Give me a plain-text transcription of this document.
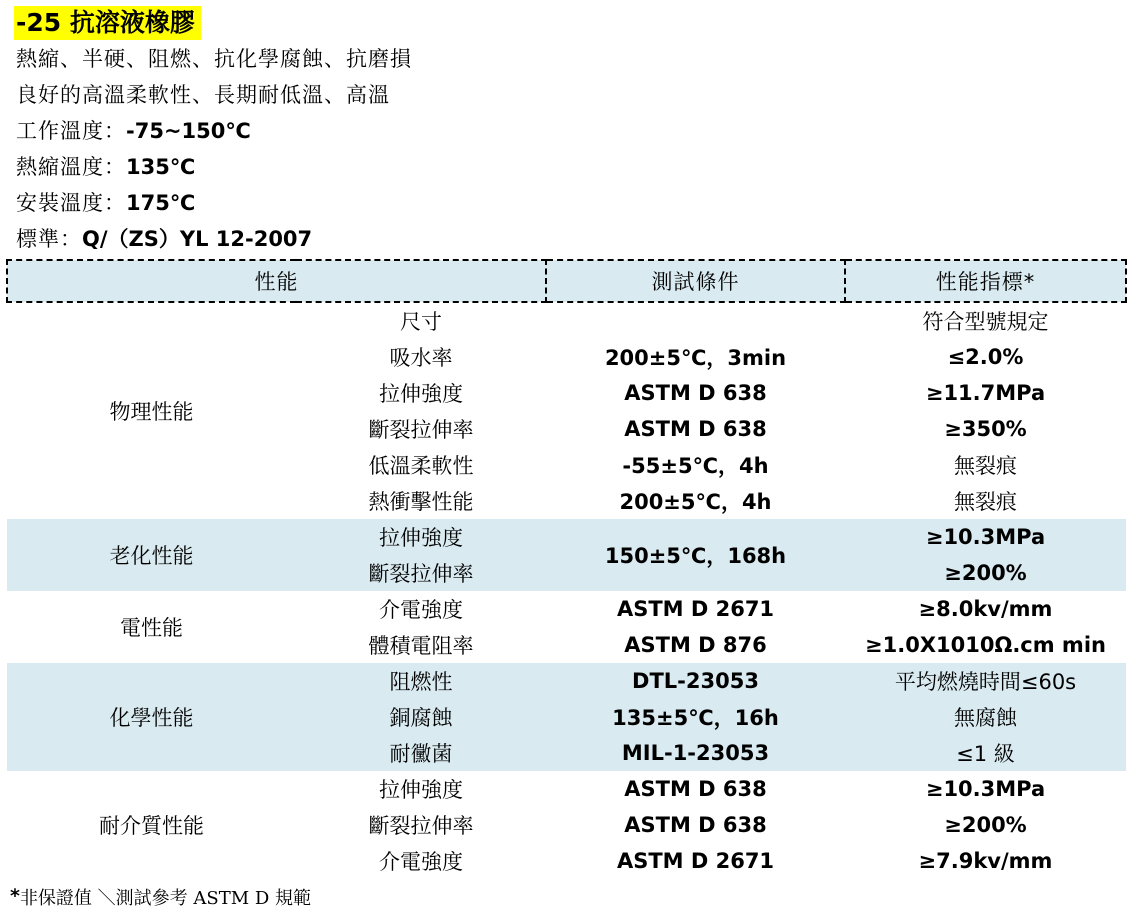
-25 抗溶液橡膠
熱縮、半硬、阻燃、抗化學腐蝕、抗磨損
良好的高溫柔軟性、長期耐低溫、高溫
工作溫度：-75~150℃
熱縮溫度：135℃
安裝溫度：175℃
標準：Q/（ZS）YL 12-2007
性能		測試條件	性能指標*
物理性能	尺寸		符合型號規定
	吸水率	200±5℃，3min	≤2.0%
	拉伸強度	ASTM D 638	≥11.7MPa
	斷裂拉伸率	ASTM D 638	≥350%
	低溫柔軟性	-55±5℃，4h	無裂痕
	熱衝擊性能	200±5℃，4h	無裂痕
老化性能	拉伸強度	150±5℃，168h	≥10.3MPa
	斷裂拉伸率		≥200%
電性能	介電強度	ASTM D 2671	≥8.0kv/mm
	體積電阻率	ASTM D 876	≥1.0X1010Ω.cm min
化學性能	阻燃性	DTL-23053	平均燃燒時間≤60s
	銅腐蝕	135±5℃，16h	無腐蝕
	耐黴菌	MIL-1-23053	≤1 級
耐介質性能	拉伸強度	ASTM D 638	≥10.3MPa
	斷裂拉伸率	ASTM D 638	≥200%
	介電強度	ASTM D 2671	≥7.9kv/mm
*非保證值 ＼測試參考 ASTM D 規範
